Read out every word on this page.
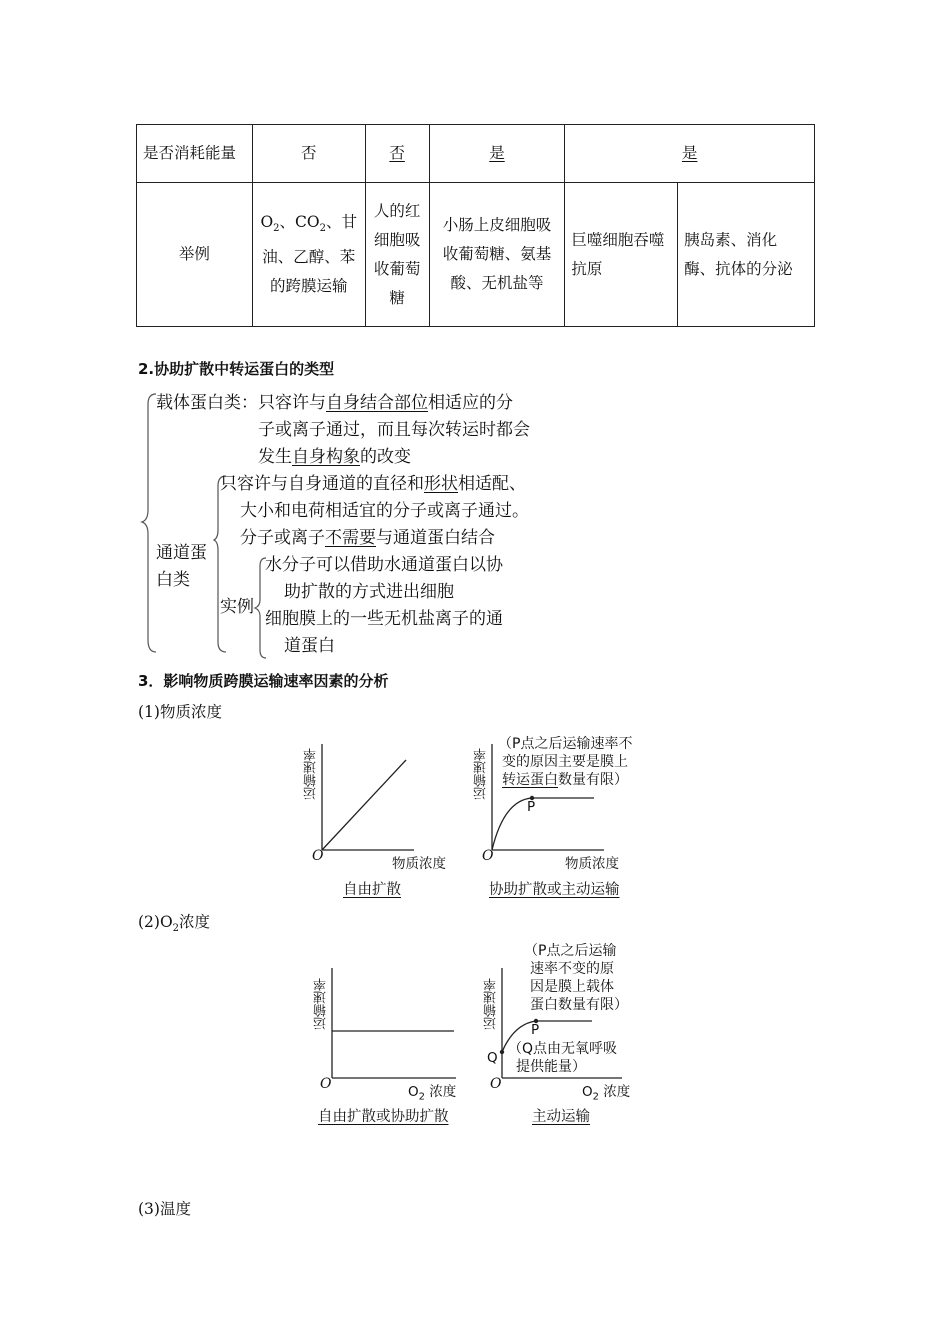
是否消耗能量	否	否	是	是	
举例	$O_2$、$CO_2$、甘油、乙醇、苯的跨膜运输	人的红细胞吸收葡萄糖	小肠上皮细胞吸收葡萄糖、氨基酸、无机盐等	巨噬细胞吞噬抗原	胰岛素、消化酶、抗体的分泌
2.协助扩散中转运蛋白的类型
载体蛋白类：只容许与自身结合部位相适应的分
子或离子通过，而且每次转运时都会
发生自身构象的改变
通道蛋
白类
只容许与自身通道的直径和形状相适配、
大小和电荷相适宜的分子或离子通过。
分子或离子不需要与通道蛋白结合
实例
水分子可以借助水通道蛋白以协
助扩散的方式进出细胞
细胞膜上的一些无机盐离子的通
道蛋白
3．影响物质跨膜运输速率因素的分析
(1)物质浓度
运输速率
O	物质浓度
自由扩散
运输速率
P
O	物质浓度
（P点之后运输速率不
变的原因主要是膜上
转运蛋白数量有限）
协助扩散或主动运输
$(2)O_2$浓度
运输速率
O	$O_2$ 浓度
自由扩散或协助扩散
运输速率 P
Q
O	$O_2$ 浓度
（P点之后运输
速率不变的原
因是膜上载体
蛋白数量有限）
（Q点由无氧呼吸
提供能量）
主动运输
(3)温度
